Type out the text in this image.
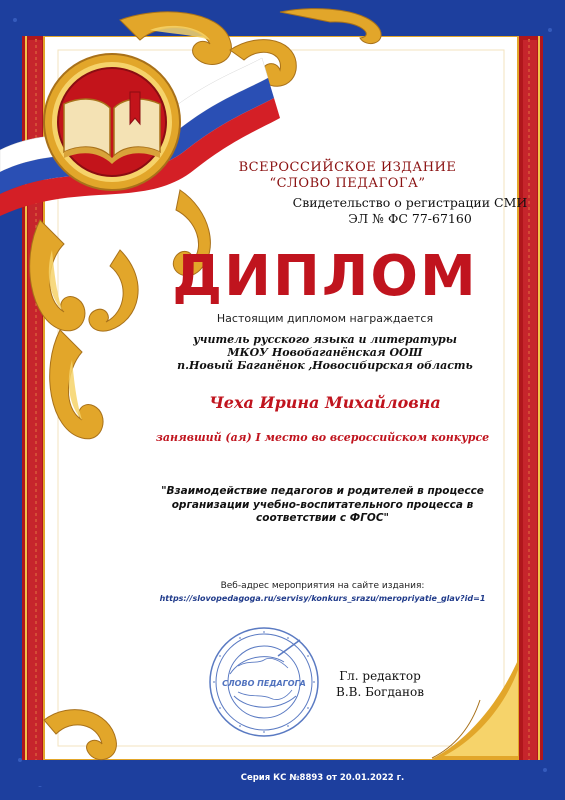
ВСЕРОССИЙСКОЕ ИЗДАНИЕ
“СЛОВО ПЕДАГОГА”
Свидетельство о регистрации СМИ
ЭЛ № ФС 77-67160
ДИПЛОМ
Настоящим дипломом награждается
учитель русского языка и литературы
МКОУ Новобаганёнская ООШ
п.Новый Баганёнок ,Новосибирская область
Чеха Ирина Михайловна
занявший (ая) I место во всероссийском конкурсе
"Взаимодействие педагогов и родителей в процессе организации учебно-воспитательного процесса в соответствии с ФГОС"
Веб-адрес мероприятия на сайте издания:
https://slovopedagoga.ru/servisy/konkurs_srazu/meropriyatie_glav?id=1
СЛОВО ПЕДАГОГА
Гл. редактор
В.В. Богданов
Серия КС №8893 от 20.01.2022 г.
